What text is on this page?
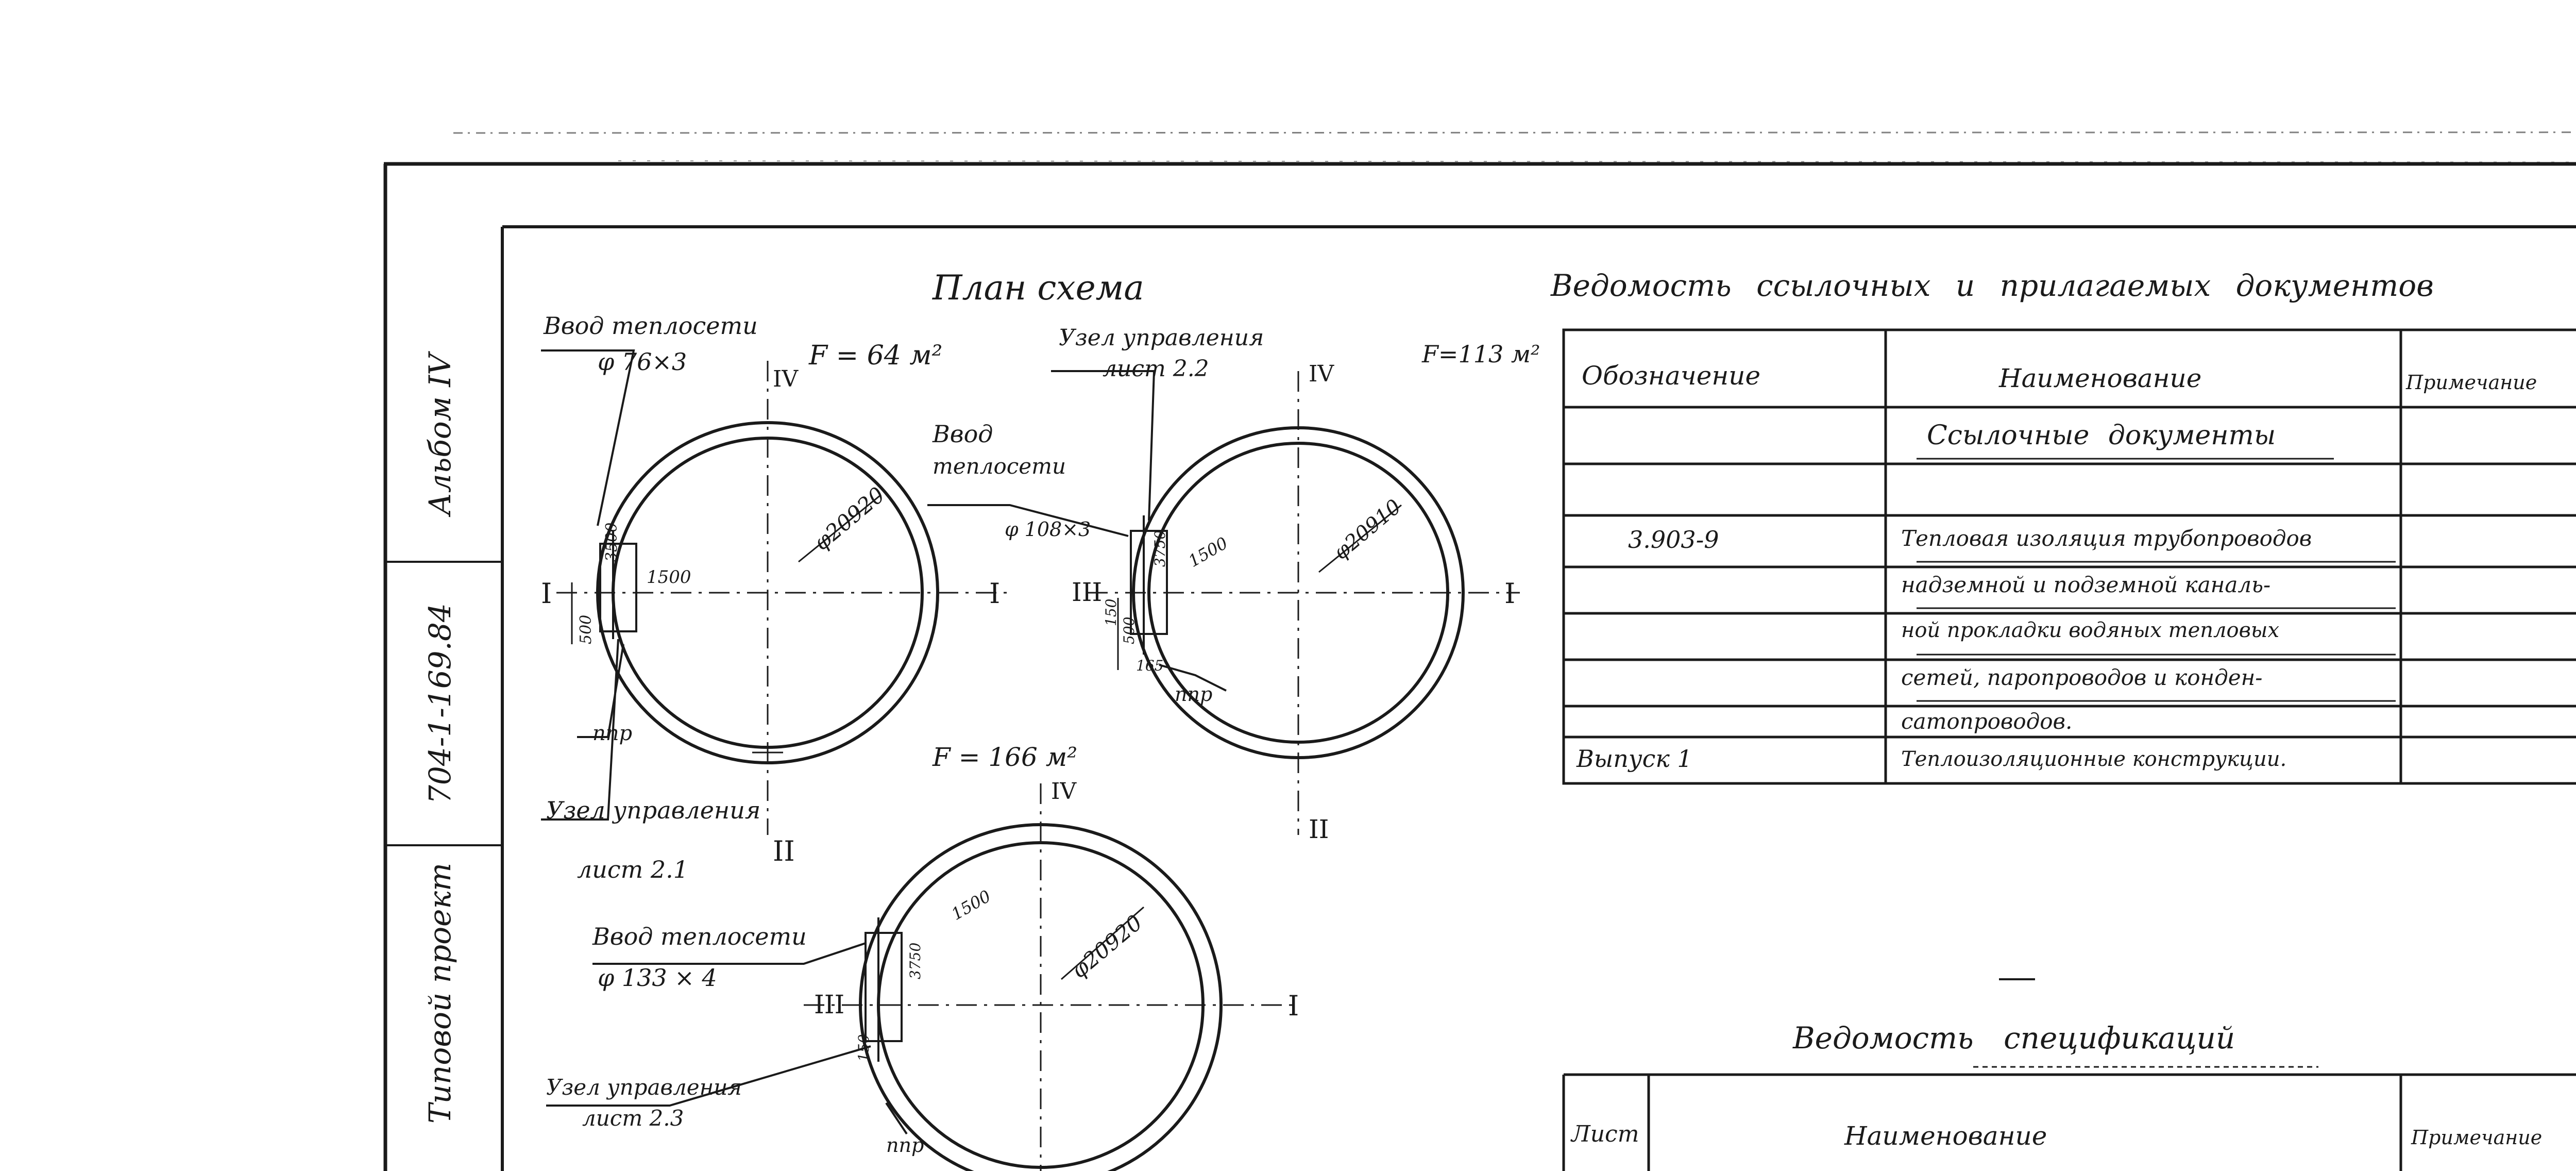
Альбом IV
704-1-169.84
Типовой проект
План схема
Ввод теплосети
φ 76×3	F = 64 м²
φ20920
1500
3500
500
ппр
Узел управления
лист 2.1
I	I
II
IV
Узел управления
лист 2.2
F=113 м²
Ввод
теплосети
φ 108×3	φ20910
1500
3750
150
500
165
ппр
III	I
IV
II
F = 166 м²
Ввод теплосети
φ 133 × 4
Узел управления
лист 2.3
φ20920
1500
3750
150
ппр
III	I
IV
Ведомость ссылочных и прилагаемых документов
Обозначение	Наименование	Примечание
Ссылочные документы
3.903-9	Тепловая изоляция трубопроводов
надземной и подземной каналь-
ной прокладки водяных тепловых
сетей, паропроводов и конден-
сатопроводов.
Выпуск 1	Теплоизоляционные конструкции.
Ведомость спецификаций
Лист	Наименование	Примечание
